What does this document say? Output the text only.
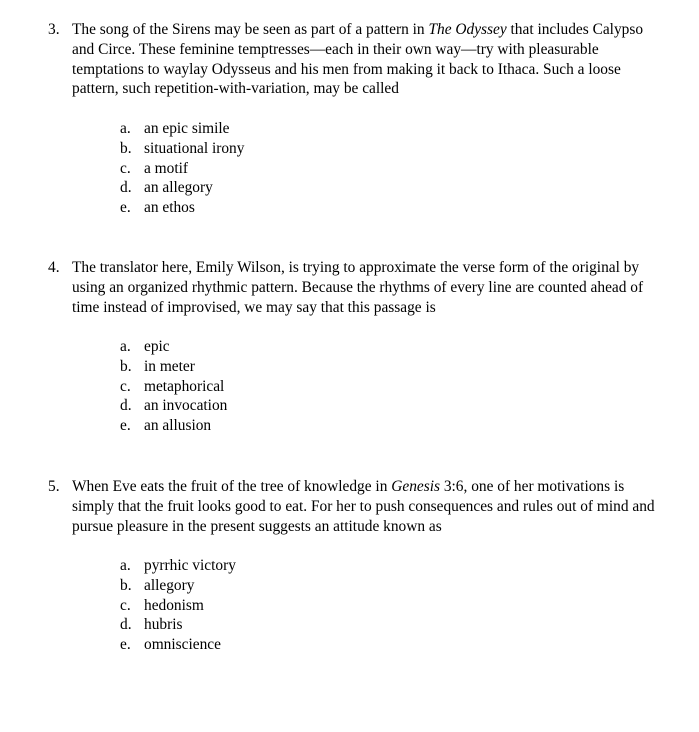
3. The song of the Sirens may be seen as part of a pattern in The Odyssey that includes Calypso and Circe. These feminine temptresses—each in their own way—try with pleasurable temptations to waylay Odysseus and his men from making it back to Ithaca. Such a loose pattern, such repetition-with-variation, may be called

a. an epic simile
b. situational irony
c. a motif
d. an allegory
e. an ethos
4. The translator here, Emily Wilson, is trying to approximate the verse form of the original by using an organized rhythmic pattern. Because the rhythms of every line are counted ahead of time instead of improvised, we may say that this passage is

a. epic
b. in meter
c. metaphorical
d. an invocation
e. an allusion
5. When Eve eats the fruit of the tree of knowledge in Genesis 3:6, one of her motivations is simply that the fruit looks good to eat. For her to push consequences and rules out of mind and pursue pleasure in the present suggests an attitude known as

a. pyrrhic victory
b. allegory
c. hedonism
d. hubris
e. omniscience
